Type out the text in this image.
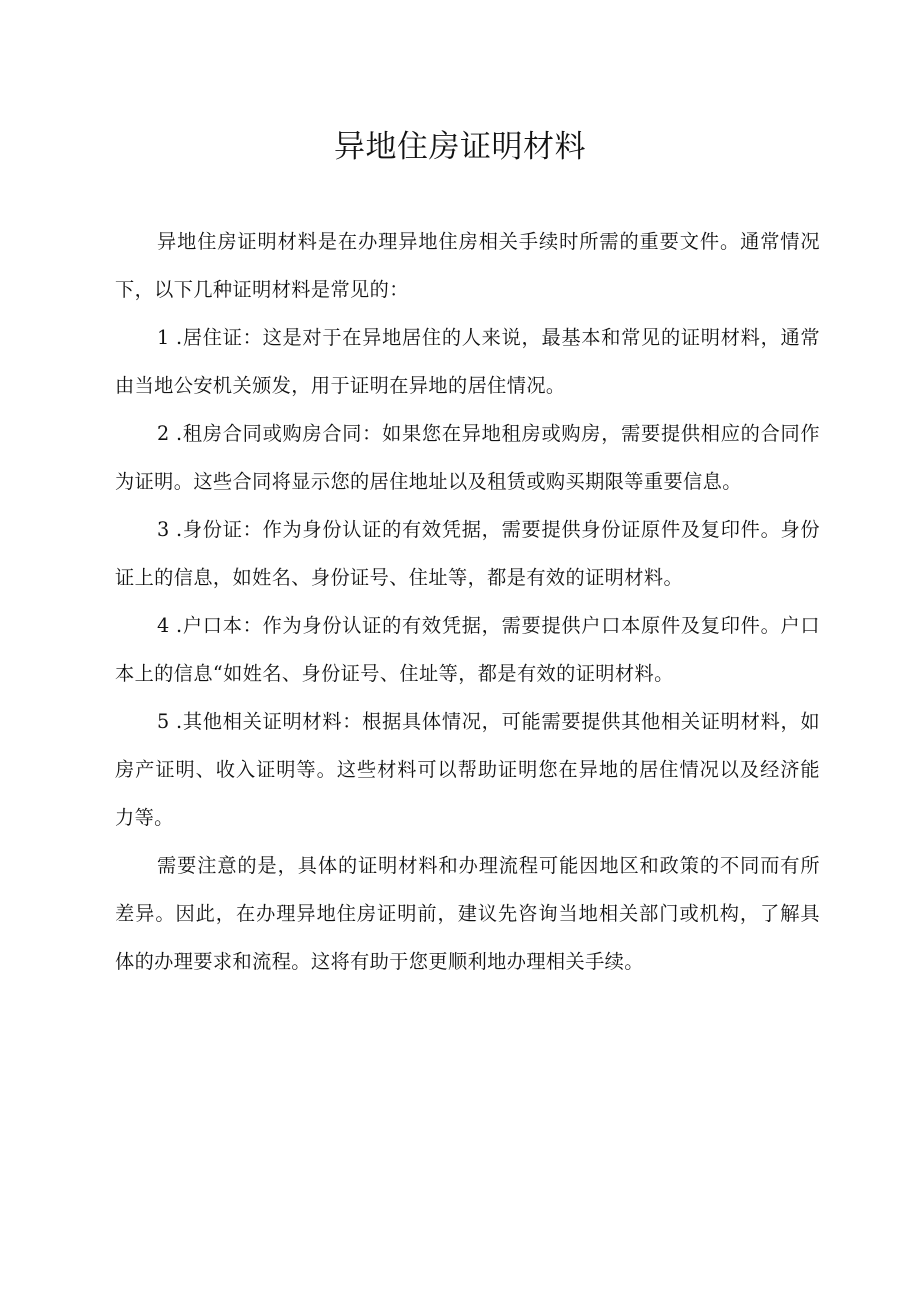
异地住房证明材料

异地住房证明材料是在办理异地住房相关手续时所需的重要文件。通常情况下，以下几种证明材料是常见的：

1 .居住证：这是对于在异地居住的人来说，最基本和常见的证明材料，通常由当地公安机关颁发，用于证明在异地的居住情况。

2 .租房合同或购房合同：如果您在异地租房或购房，需要提供相应的合同作为证明。这些合同将显示您的居住地址以及租赁或购买期限等重要信息。

3 .身份证：作为身份认证的有效凭据，需要提供身份证原件及复印件。身份证上的信息，如姓名、身份证号、住址等，都是有效的证明材料。

4 .户口本：作为身份认证的有效凭据，需要提供户口本原件及复印件。户口本上的信息“如姓名、身份证号、住址等，都是有效的证明材料。

5 .其他相关证明材料：根据具体情况，可能需要提供其他相关证明材料，如房产证明、收入证明等。这些材料可以帮助证明您在异地的居住情况以及经济能力等。

需要注意的是，具体的证明材料和办理流程可能因地区和政策的不同而有所差异。因此，在办理异地住房证明前，建议先咨询当地相关部门或机构，了解具体的办理要求和流程。这将有助于您更顺利地办理相关手续。
